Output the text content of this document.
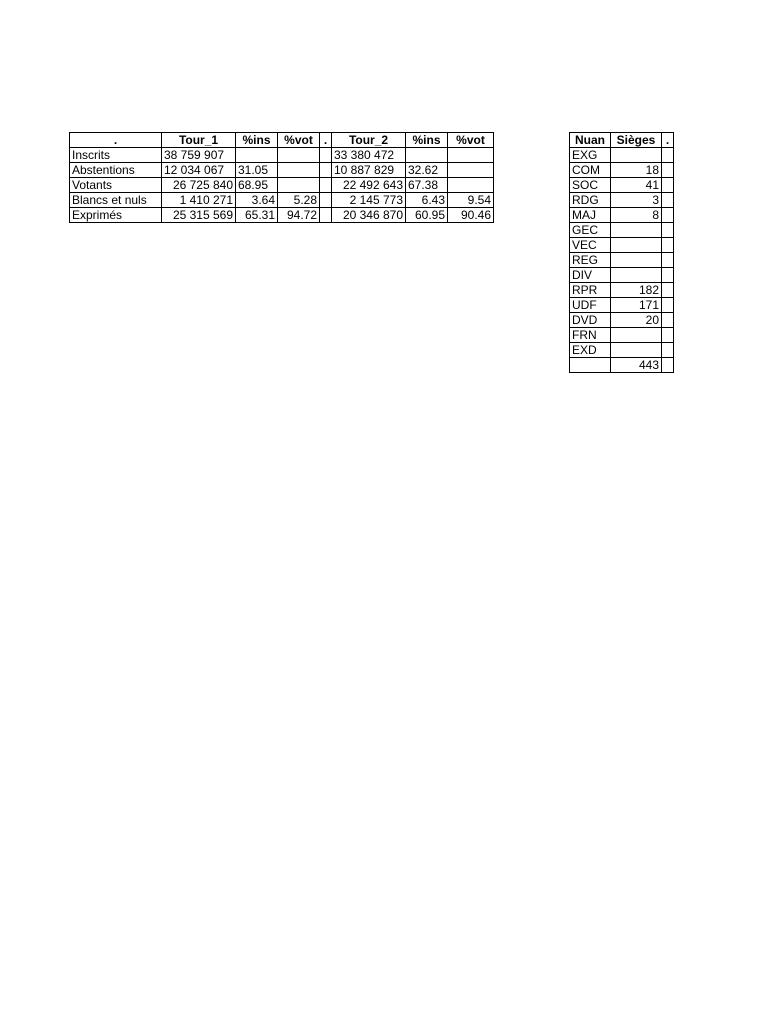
.	Tour_1	%ins	%vot	.	Tour_2	%ins	%vot
Inscrits	38 759 907				33 380 472		
Abstentions	12 034 067	31.05			10 887 829	32.62	
Votants	26 725 840	68.95			22 492 643	67.38	
Blancs et nuls	1 410 271	3.64	5.28		2 145 773	6.43	9.54
Exprimés	25 315 569	65.31	94.72		20 346 870	60.95	90.46
Nuan	Sièges	.
EXG		
COM	18	
SOC	41	
RDG	3	
MAJ	8	
GEC		
VEC		
REG		
DIV		
RPR	182	
UDF	171	
DVD	20	
FRN		
EXD		
	443	
